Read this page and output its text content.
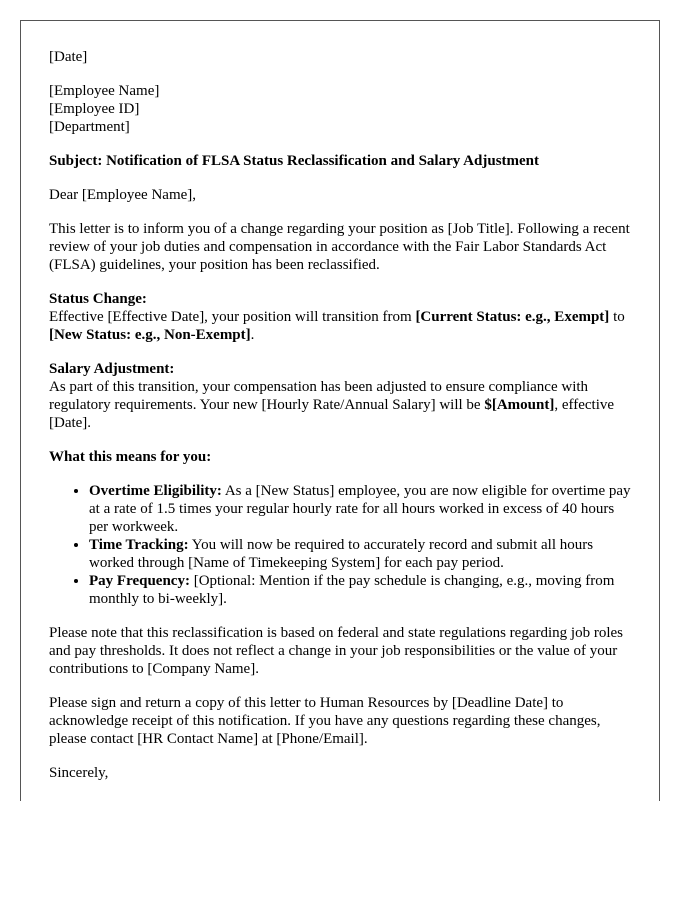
[Date]

[Employee Name]
[Employee ID]
[Department]

Subject: Notification of FLSA Status Reclassification and Salary Adjustment

Dear [Employee Name],

This letter is to inform you of a change regarding your position as [Job Title]. Following a recent review of your job duties and compensation in accordance with the Fair Labor Standards Act (FLSA) guidelines, your position has been reclassified.

Status Change:
Effective [Effective Date], your position will transition from [Current Status: e.g., Exempt] to [New Status: e.g., Non-Exempt].
Salary Adjustment:
As part of this transition, your compensation has been adjusted to ensure compliance with regulatory requirements. Your new [Hourly Rate/Annual Salary] will be $[Amount], effective [Date].

What this means for you:

• Overtime Eligibility: As a [New Status] employee, you are now eligible for overtime pay at a rate of 1.5 times your regular hourly rate for all hours worked in excess of 40 hours per workweek.
• Time Tracking: You will now be required to accurately record and submit all hours worked through [Name of Timekeeping System] for each pay period.
• Pay Frequency: [Optional: Mention if the pay schedule is changing, e.g., moving from monthly to bi-weekly].

Please note that this reclassification is based on federal and state regulations regarding job roles and pay thresholds. It does not reflect a change in your job responsibilities or the value of your contributions to [Company Name].

Please sign and return a copy of this letter to Human Resources by [Deadline Date] to acknowledge receipt of this notification. If you have any questions regarding these changes, please contact [HR Contact Name] at [Phone/Email].

Sincerely,
